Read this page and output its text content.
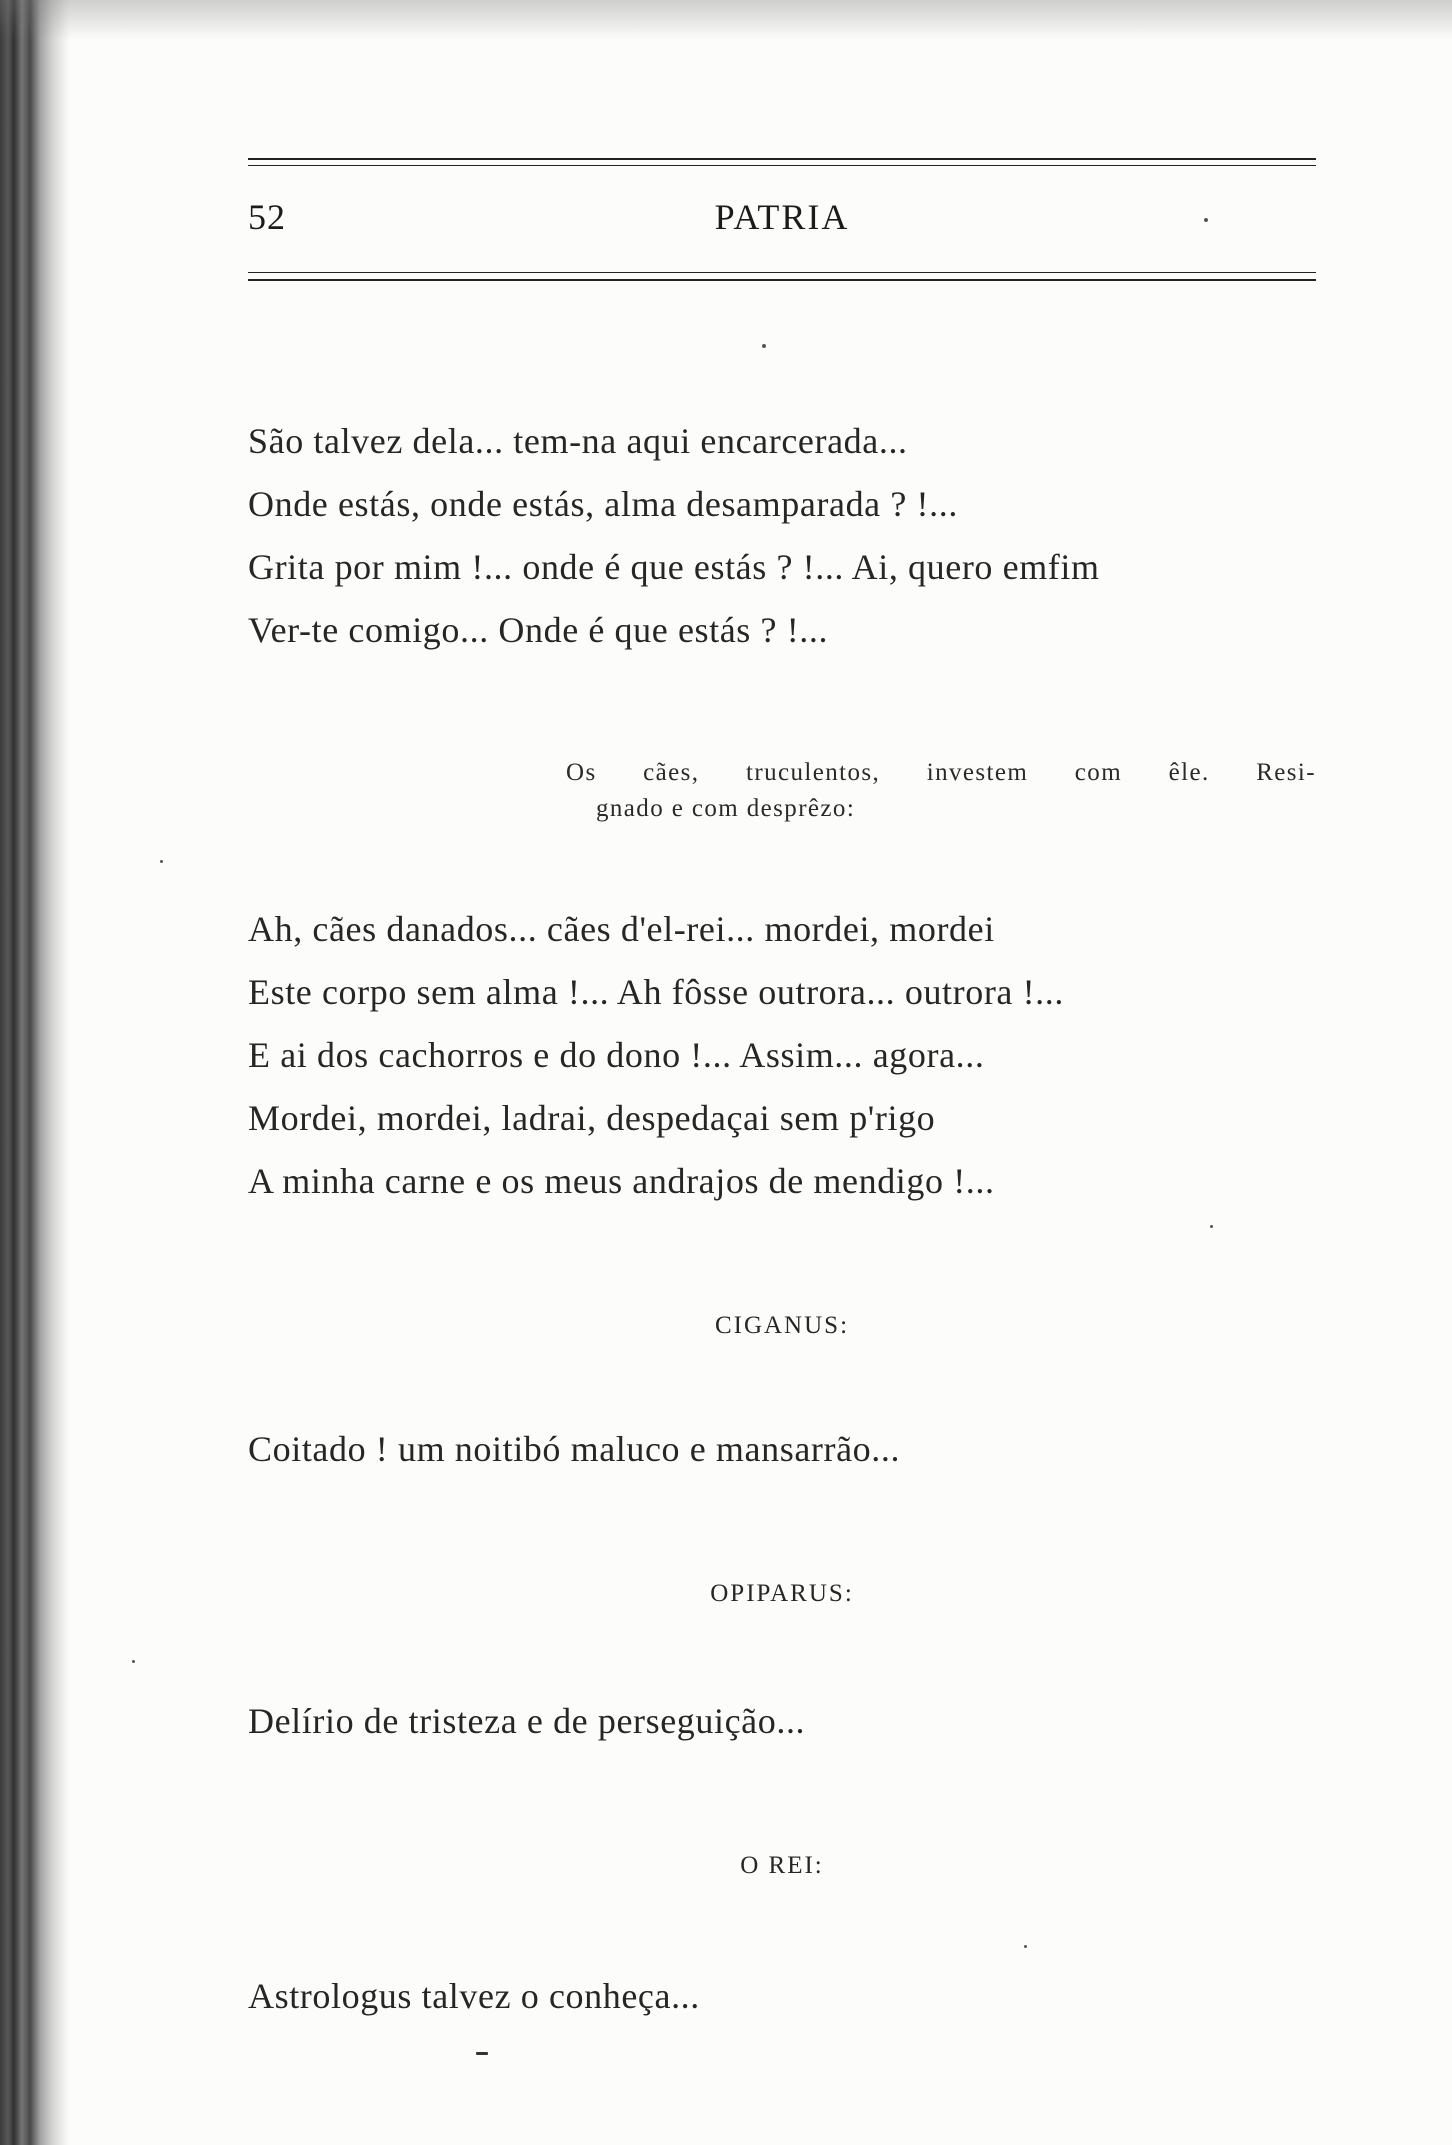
52	PATRIA
São talvez dela... tem-na aqui encarcerada...
Onde estás, onde estás, alma desamparada ? !...
Grita por mim !... onde é que estás ? !... Ai, quero emfim
Ver-te comigo... Onde é que estás ? !...
Os cães, truculentos, investem com êle. Resi-
gnado e com desprêzo:
Ah, cães danados... cães d'el-rei... mordei, mordei
Este corpo sem alma !... Ah fôsse outrora... outrora !...
E ai dos cachorros e do dono !... Assim... agora...
Mordei, mordei, ladrai, despedaçai sem p'rigo
A minha carne e os meus andrajos de mendigo !...
CIGANUS:
Coitado ! um noitibó maluco e mansarrão...
OPIPARUS:
Delírio de tristeza e de perseguição...
O REI:
Astrologus talvez o conheça...
